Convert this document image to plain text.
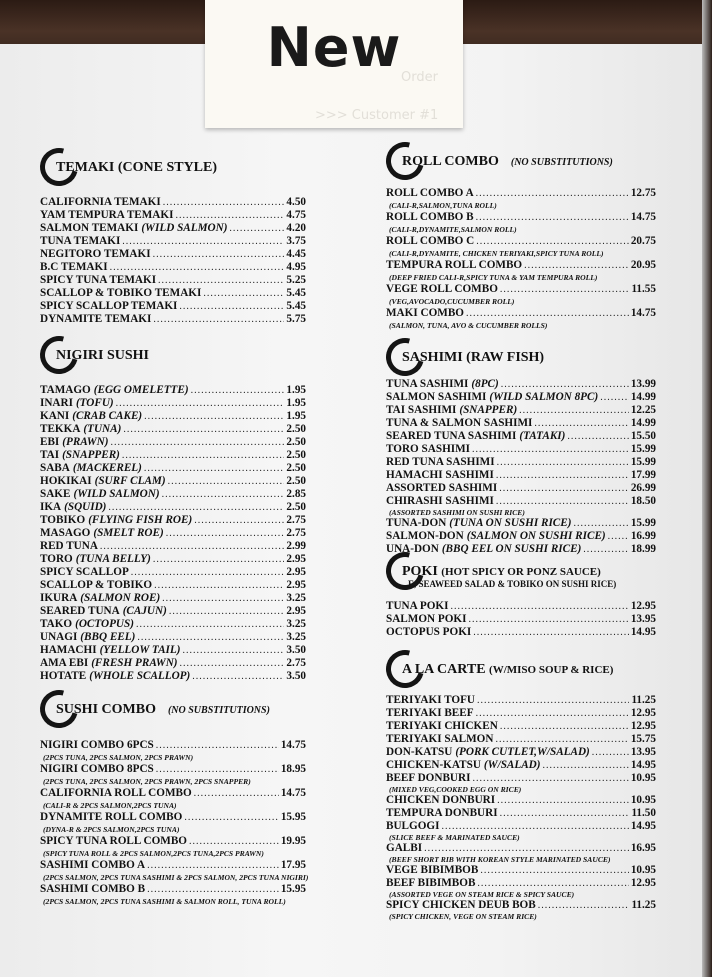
New Order
>>> Customer #1
TEMAKI (CONE STYLE)
CALIFORNIA TEMAKI .....	4.50
YAM TEMPURA TEMAKI .....	4.75
SALMON TEMAKI (WILD SALMON) .....	4.20
TUNA TEMAKI .....	3.75
NEGITORO TEMAKI .....	4.45
B.C TEMAKI .....	4.95
SPICY TUNA TEMAKI .....	5.25
SCALLOP & TOBIKO TEMAKI .....	5.45
SPICY SCALLOP TEMAKI .....	5.45
DYNAMITE TEMAKI .....	5.75
NIGIRI SUSHI
TAMAGO (EGG OMELETTE) .....	1.95
INARI (TOFU) .....	1.95
KANI (CRAB CAKE) .....	1.95
TEKKA (TUNA) .....	2.50
EBI (PRAWN) .....	2.50
TAI (SNAPPER) .....	2.50
SABA (MACKEREL) .....	2.50
HOKIKAI (SURF CLAM) .....	2.50
SAKE (WILD SALMON) .....	2.85
IKA (SQUID) .....	2.50
TOBIKO (FLYING FISH ROE) .....	2.75
MASAGO (SMELT ROE) .....	2.75
RED TUNA .....	2.99
TORO (TUNA BELLY) .....	2.95
SPICY SCALLOP .....	2.95
SCALLOP & TOBIKO .....	2.95
IKURA (SALMON ROE) .....	3.25
SEARED TUNA (CAJUN) .....	2.95
TAKO (OCTOPUS) .....	3.25
UNAGI (BBQ EEL) .....	3.25
HAMACHI (YELLOW TAIL) .....	3.50
AMA EBI (FRESH PRAWN) .....	2.75
HOTATE (WHOLE SCALLOP) .....	3.50
SUSHI COMBO (NO SUBSTITUTIONS)
NIGIRI COMBO 6PCS .....	14.75
(2PCS TUNA, 2PCS SALMON, 2PCS PRAWN)
NIGIRI COMBO 8PCS .....	18.95
(2PCS TUNA, 2PCS SALMON, 2PCS PRAWN, 2PCS SNAPPER)
CALIFORNIA ROLL COMBO .....	14.75
(CALI-R & 2PCS SALMON,2PCS TUNA)
DYNAMITE ROLL COMBO .....	15.95
(DYNA-R & 2PCS SALMON,2PCS TUNA)
SPICY TUNA ROLL COMBO .....	19.95
(SPICY TUNA ROLL & 2PCS SALMON,2PCS TUNA,2PCS PRAWN)
SASHIMI COMBO A .....	17.95
(2PCS SALMON, 2PCS TUNA SASHIMI & 2PCS SALMON, 2PCS TUNA NIGIRI)
SASHIMI COMBO B .....	15.95
(2PCS SALMON, 2PCS TUNA SASHIMI & SALMON ROLL, TUNA ROLL)
ROLL COMBO (NO SUBSTITUTIONS)
ROLL COMBO A .....	12.75
(CALI-R,SALMON,TUNA ROLL)
ROLL COMBO B .....	14.75
(CALI-R,DYNAMITE,SALMON ROLL)
ROLL COMBO C .....	20.75
(CALI-R,DYNAMITE, CHICKEN TERIYAKI,SPICY TUNA ROLL)
TEMPURA ROLL COMBO .....	20.95
(DEEP FRIED CALI-R,SPICY TUNA & YAM TEMPURA ROLL)
VEGE ROLL COMBO .....	11.55
(VEG,AVOCADO,CUCUMBER ROLL)
MAKI COMBO .....	14.75
(SALMON, TUNA, AVO & CUCUMBER ROLLS)
SASHIMI (RAW FISH)
TUNA SASHIMI (8PC) .....	13.99
SALMON SASHIMI (WILD SALMON 8PC) .....	14.99
TAI SASHIMI (SNAPPER) .....	12.25
TUNA & SALMON SASHIMI .....	14.99
SEARED TUNA SASHIMI (TATAKI) .....	15.50
TORO SASHIMI .....	15.99
RED TUNA SASHIMI .....	15.99
HAMACHI SASHIMI .....	17.99
ASSORTED SASHIMI .....	26.99
CHIRASHI SASHIMI .....	18.50
(ASSORTED SASHIMI ON SUSHI RICE)
TUNA-DON (TUNA ON SUSHI RICE) .....	15.99
SALMON-DON (SALMON ON SUSHI RICE) ..... 16.99
UNA-DON (BBQ EEL ON SUSHI RICE) .....	18.99
POKI (HOT SPICY OR PONZ SAUCE)
E, SEAWEED SALAD & TOBIKO ON SUSHI RICE)
TUNA POKI .....	12.95
SALMON POKI .....	13.95
OCTOPUS POKI .....	14.95
A LA CARTE (W/MISO SOUP & RICE)
TERIYAKI TOFU .....	11.25
TERIYAKI BEEF .....	12.95
TERIYAKI CHICKEN .....	12.95
TERIYAKI SALMON .....	15.75
DON-KATSU (PORK CUTLET,W/SALAD) .....	13.95
CHICKEN-KATSU (W/SALAD) .....	14.95
BEEF DONBURI .....	10.95
(MIXED VEG,COOKED EGG ON RICE)
CHICKEN DONBURI .....	10.95
TEMPURA DONBURI .....	11.50
BULGOGI .....	14.95
(SLICE BEEF & MARINATED SAUCE)
GALBI .....	16.95
(BEEF SHORT RIB WITH KOREAN STYLE MARINATED SAUCE)
VEGE BIBIMBOB .....	10.95
BEEF BIBIMBOB .....	12.95
(ASSORTED VEGE ON STEAM RICE & SPICY SAUCE)
SPICY CHICKEN DEUB BOB .....	11.25
(SPICY CHICKEN, VEGE ON STEAM RICE)
